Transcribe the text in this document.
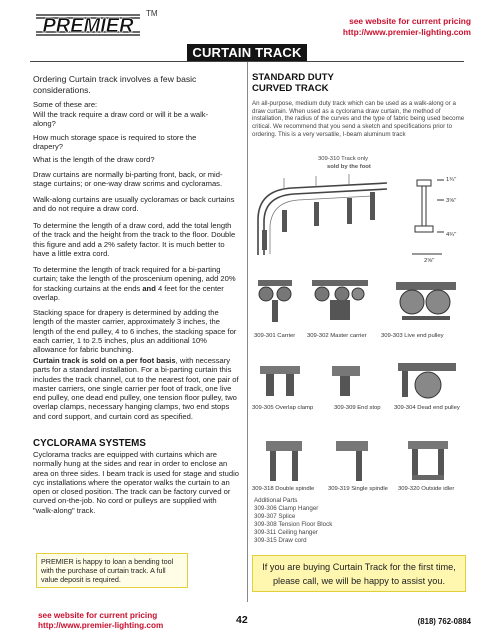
PREMIER
TM
see website for current pricing
http://www.premier-lighting.com
CURTAIN TRACK
Ordering Curtain track involves a few basic considerations.
Some of these are:
Will the track require a draw cord or will it be a walk-along?
How much storage space is required to store the drapery?
What is the length of the draw cord?
Draw curtains are normally bi-parting front, back, or mid-stage curtains; or one-way draw scrims and cycloramas.
Walk-along curtains are usually cycloramas or back curtains and do not require a draw cord.
To determine the length of a draw cord, add the total length of the track and the height from the track to the floor. Double this figure and add a 2% safety factor. It is much better to have a little extra cord.
To determine the length of track required for a bi-parting curtain; take the length of the proscenium opening, add 20% for stacking curtains at the ends and 4 feet for the center overlap.
Stacking space for drapery is determined by adding the length of the master carrier, approximately 3 inches, the length of the end pulley, 4 to 6 inches, the stacking space for each carrier, 1 to 2.5 inches, plus an additional 10% allowance for fabric bunching.
Curtain track is sold on a per foot basis, with necessary parts for a standard installation. For a bi-parting curtain this includes the track channel, cut to the nearest foot, one pair of master carriers, one single carrier per foot of track, one live end pulley, one dead end pulley, one tension floor pulley, two overlap clamps, necessary hanging clamps, two end stops and cord support, and curtain cord as specified.
CYCLORAMA SYSTEMS
Cyclorama tracks are equipped with curtains which are normally hung at the sides and rear in order to enclose an area on three sides. I beam track is used for stage and studio cyc installations where the operator walks the curtain to an open or closed position. The track can be factory curved or curved on-the-job. No cord or pulleys are supplied with "walk-along" track.
PREMIER is happy to loan a bending tool with the purchase of curtain track. A full value deposit is required.
STANDARD DUTY
CURVED TRACK
An all-purpose, medium duty track which can be used as a walk-along or a draw curtain. When used as a cyclorama draw curtain, the method of installation, the radius of the curves and the type of fabric being used become critical. We recommend that you send a sketch and specifications prior to ordering. This is a very versatile, I-beam aluminum track
309-310 Track only
sold by the foot
1¾"
3⅝"
4¾"
2⅝"
309-301 Carrier 309-302 Master carrier 309-303 Live end pulley
309-305 Overlap clamp	309-309 End stop 309-304 Dead end pulley
309-318 Double spindle 309-319 Single spindle 309-320 Outside idler
Additional Parts
309-306 Clamp Hanger
309-307 Splice
309-308 Tension Floor Block
309-311 Ceiling hanger
309-315 Draw cord
If you are buying Curtain Track for the first time,
please call, we will be happy to assist you.
see website for current pricing
http://www.premier-lighting.com	42	(818) 762-0884
